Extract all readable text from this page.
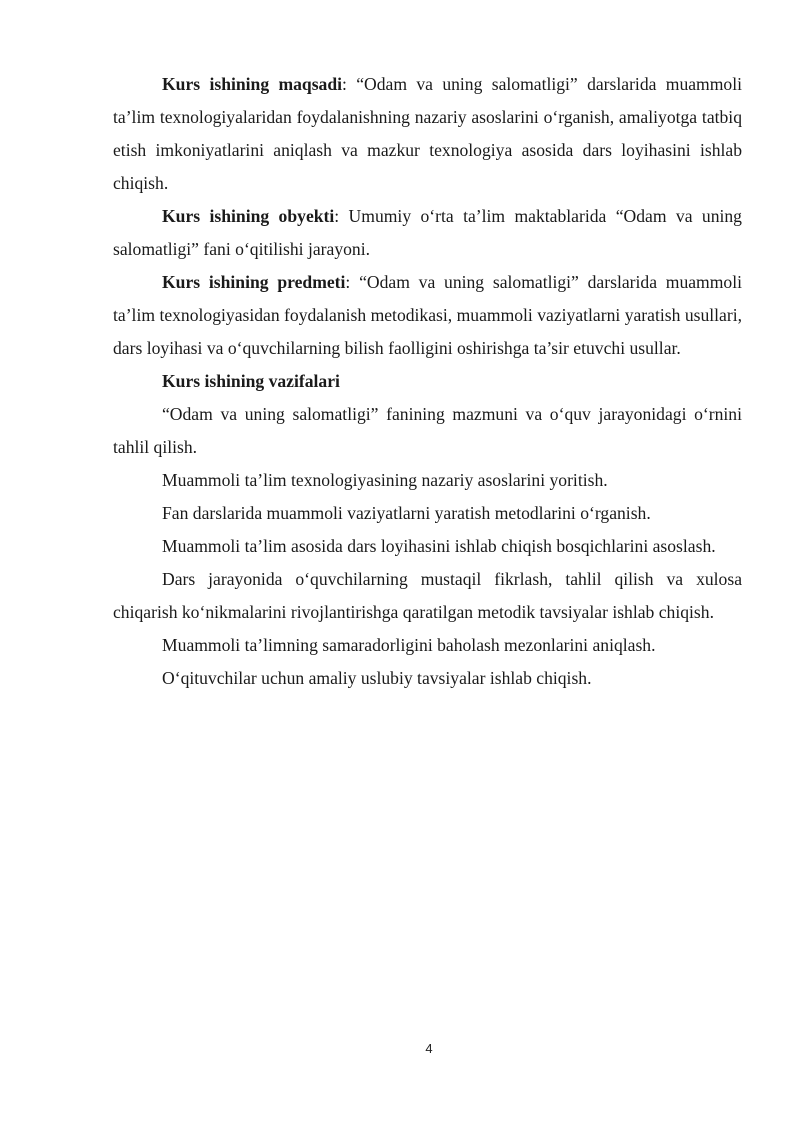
Kurs ishining maqsadi: “Odam va uning salomatligi” darslarida muammoli ta’lim texnologiyalaridan foydalanishning nazariy asoslarini o‘rganish, amaliyotga tatbiq etish imkoniyatlarini aniqlash va mazkur texnologiya asosida dars loyihasini ishlab chiqish.

Kurs ishining obyekti: Umumiy o‘rta ta’lim maktablarida “Odam va uning salomatligi” fani o‘qitilishi jarayoni.

Kurs ishining predmeti: “Odam va uning salomatligi” darslarida muammoli ta’lim texnologiyasidan foydalanish metodikasi, muammoli vaziyatlarni yaratish usullari, dars loyihasi va o‘quvchilarning bilish faolligini oshirishga ta’sir etuvchi usullar.

Kurs ishining vazifalari

“Odam va uning salomatligi” fanining mazmuni va o‘quv jarayonidagi o‘rnini tahlil qilish.

Muammoli ta’lim texnologiyasining nazariy asoslarini yoritish.

Fan darslarida muammoli vaziyatlarni yaratish metodlarini o‘rganish.

Muammoli ta’lim asosida dars loyihasini ishlab chiqish bosqichlarini asoslash.

Dars jarayonida o‘quvchilarning mustaqil fikrlash, tahlil qilish va xulosa chiqarish ko‘nikmalarini rivojlantirishga qaratilgan metodik tavsiyalar ishlab chiqish.

Muammoli ta’limning samaradorligini baholash mezonlarini aniqlash.

O‘qituvchilar uchun amaliy uslubiy tavsiyalar ishlab chiqish.

4
